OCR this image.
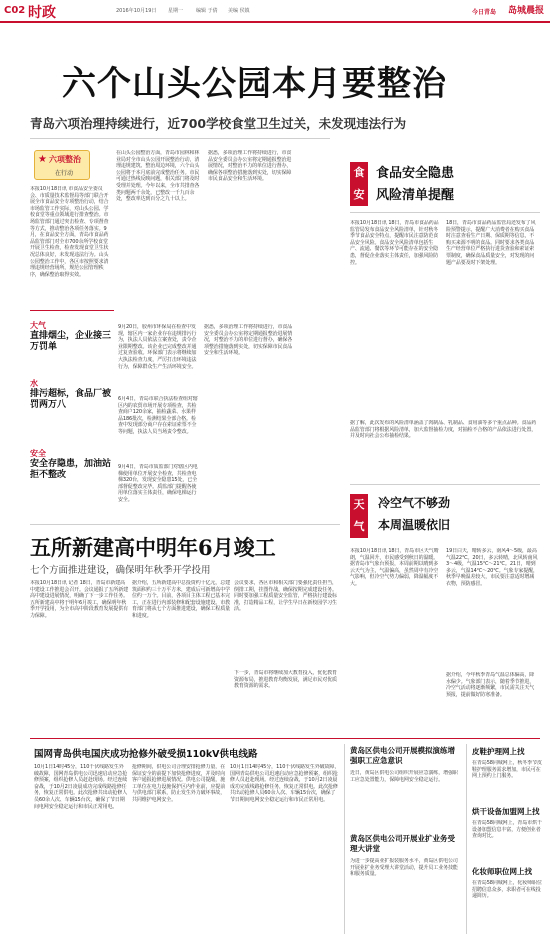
C02 时政	2016年10月19日 星期一	编辑 于倩 美编 侯镇	今日青岛 岛城晨报
六个山头公园本月要整治
青岛六项治理持续进行，近700学校食堂卫生过关，未发现违法行为
★ 六项整治
在行动
本报10月18日讯 市食品安全委员会、市质量技术监督局等部门联合开展全市食品安全专项整治行动，结合市场监管工作实际，对山头公园、学校食堂等重点领域进行排查整治。市场监管部门通过突击检查、专项督查等方式，推动整治各项任务落实。9月，在食品安全方面，青岛市食品药品监管部门对全市700余所学校食堂开展卫生检查，检查发现食堂卫生状况总体良好，未发现违法行为。山头公园整治工作中，各区市按照要求清理违规经营场所，规范公园管理秩序，确保整治取得实效。
在山头公园整治方面，青岛市园林和林业局对全市山头公园开展整治行动，清理违规建筑、整治周边环境，六个山头公园将于本月底前完成整治任务。市民可通过热线反映问题，相关部门将及时受理并处理。今年以来，全市共排查各类问题两千余处，已整改一千九百余处，整改率达到百分之九十以上。
据悉，多项治理工作将持续进行，市食品安全委员会办公室将定期通报整治进展情况，对整治不力的单位进行督办，确保各项整治措施落到实处，切实保障市民食品安全和生活环境。
大气
直排烟尘，企业接三万罚单
水
排污超标，食品厂被罚两万八
安全
安全存隐患，加油站拒不整改
9月20日，胶州市环保局在检查中发现，辖区内一家企业存在违规排污行为，执法人员依法立案查处，责令企业限期整改。该企业已完成整改并通过复查验收。环保部门表示将继续加大执法检查力度，严厉打击环境违法行为，保障群众生产生活环境安全。
6月4日，青岛市联合执法检查组对辖区内的农贸市场开展专项检查，共检查商户120余家，抽检蔬菜、水果样品186批次，检测结果全部合格。检查中发现部分商户存在索证索票不全等问题，执法人员当场责令整改。
9月4日，青岛市质监部门对辖区内电梯使用单位开展安全检查，共检查电梯320台，发现安全隐患15处，已全部督促整改完毕。质监部门提醒各使用单位落实主体责任，确保电梯运行安全。
据悉，多项治理工作将持续进行，市食品安全委员会办公室将定期通报整治进展情况，对整治不力的单位进行督办，确保各项整治措施落到实处，切实保障市民食品安全和生活环境。
食
安
食品安全隐患
风险清单提醒
本报10月18日讯 18日，青岛市食品药品监管局发布食品安全风险清单，针对秋冬季节食品安全特点，提醒市民注意防范食品安全风险。食品安全风险清单包括生产、流通、餐饮等环节可能存在的安全隐患，督促企业落实主体责任，加强风险防控。
18日，青岛市食品药品监管局还发布了风险预警提示，提醒广大消费者在购买食品时注意查看生产日期、保质期等信息，不购买来源不明的食品。同时要求各类食品生产经营单位严格执行进货查验和索证索票制度，确保食品质量安全，对发现的问题产品要及时下架处理。
据了解，此次发布的风险清单涵盖了肉制品、乳制品、食用油等多个重点品种。食品药品监管部门将根据风险清单，加大监督抽检力度，对抽检不合格的产品依法进行处置，并及时向社会公布抽检结果。
天
气
冷空气不够劲
本周温暖依旧
本报10月18日讯 18日，青岛市区天气晴朗，气温回升，市民感受到秋日的温暖。据青岛市气象台预报，本周前期以晴到多云天气为主，气温偏高，虽然周中有冷空气影响，但冷空气势力偏弱，降温幅度不大。
19日白天，晴转多云，南风4～5级，最高气温22℃。20日，多云转晴，北风转南风3～4级，气温15℃～21℃。21日，晴到多云，气温14℃～20℃。气象专家提醒，秋季早晚温差较大，市民要注意适时增减衣物，预防感冒。
据介绍，今年秋季青岛气温总体偏高，降水偏少。气象部门表示，随着季节推进，冷空气活动将逐渐频繁，市民需关注天气预报，提前做好防寒准备。
五所新建高中明年6月竣工
七个方面推进建设，确保明年秋季开学投用
本报10月18日讯 记者 18日，青岛市新建高中建设工作推进会召开。会议通报了五所新建高中建设进展情况，明确了下一步工作任务。五所新建高中将于明年6月竣工，确保明年秋季开学投用，为全市高中阶段教育发展提供有力保障。
据介绍，五所新建高中总投资约十亿元，总建筑面积约三十万平方米，建成后可新增高中学位约一万个。目前，各项目主体工程已基本完工，正在进行内部装修和配套设施建设。市教育部门将从七个方面推进建设，确保工程质量和进度。
会议要求，各区市和相关部门要强化责任担当，倒排工期，挂图作战，确保按期完成建设任务。同时要加强工程质量安全监管，严格执行建设标准，打造精品工程，让学生早日在新校园学习生活。
下一步，青岛市将继续加大教育投入，优化教育资源布局，推进教育均衡发展，满足市民对优质教育资源的需求。
国网青岛供电国庆成功抢修外破受损110kV供电线路
10月1日14时45分，110千伏线路发生外破故障，国网青岛供电公司迅速启动应急抢修预案，组织抢修人员赶赴现场。经过连续奋战，于10月2日凌晨成功完成线路抢修任务，恢复正常供电。此次抢修共出动抢修人员60余人次、车辆15台次，确保了节日期间电网安全稳定运行和市民正常用电。
抢修期间，供电公司合理安排抢修力量，在保证安全的前提下加快抢修进度，并及时向客户通报抢修进展情况。供电公司提醒，施工单位在电力设施保护区内作业前，应提前与供电部门联系，防止发生外力破坏事故，共同维护电网安全。
10月1日14时45分，110千伏线路发生外破故障，国网青岛供电公司迅速启动应急抢修预案，组织抢修人员赶赴现场。经过连续奋战，于10月2日凌晨成功完成线路抢修任务，恢复正常供电。此次抢修共出动抢修人员60余人次、车辆15台次，确保了节日期间电网安全稳定运行和市民正常用电。
黄岛区供电公司开展模拟演练增强职工应急意识
近日，黄岛区供电公司组织开展应急演练，增强职工应急处置能力，保障电网安全稳定运行。
黄岛区供电公司开展业扩业务受理大讲堂
为进一步提高业扩报装服务水平，黄岛区供电公司开展业扩业务受理大讲堂活动，提升员工业务技能和服务质量。
皮鞋护理网上找
在青岛58同城网上，秋冬季节皮鞋护理服务需求增加，市民可在网上预约上门服务。
烘干设备加盟网上找
在青岛58同城网上，青岛市烘干设备加盟信息丰富，方便创业者查询对比。
化妆师职位网上找
在青岛58同城网上，化妆师职位招聘信息众多，求职者可在线投递简历。
